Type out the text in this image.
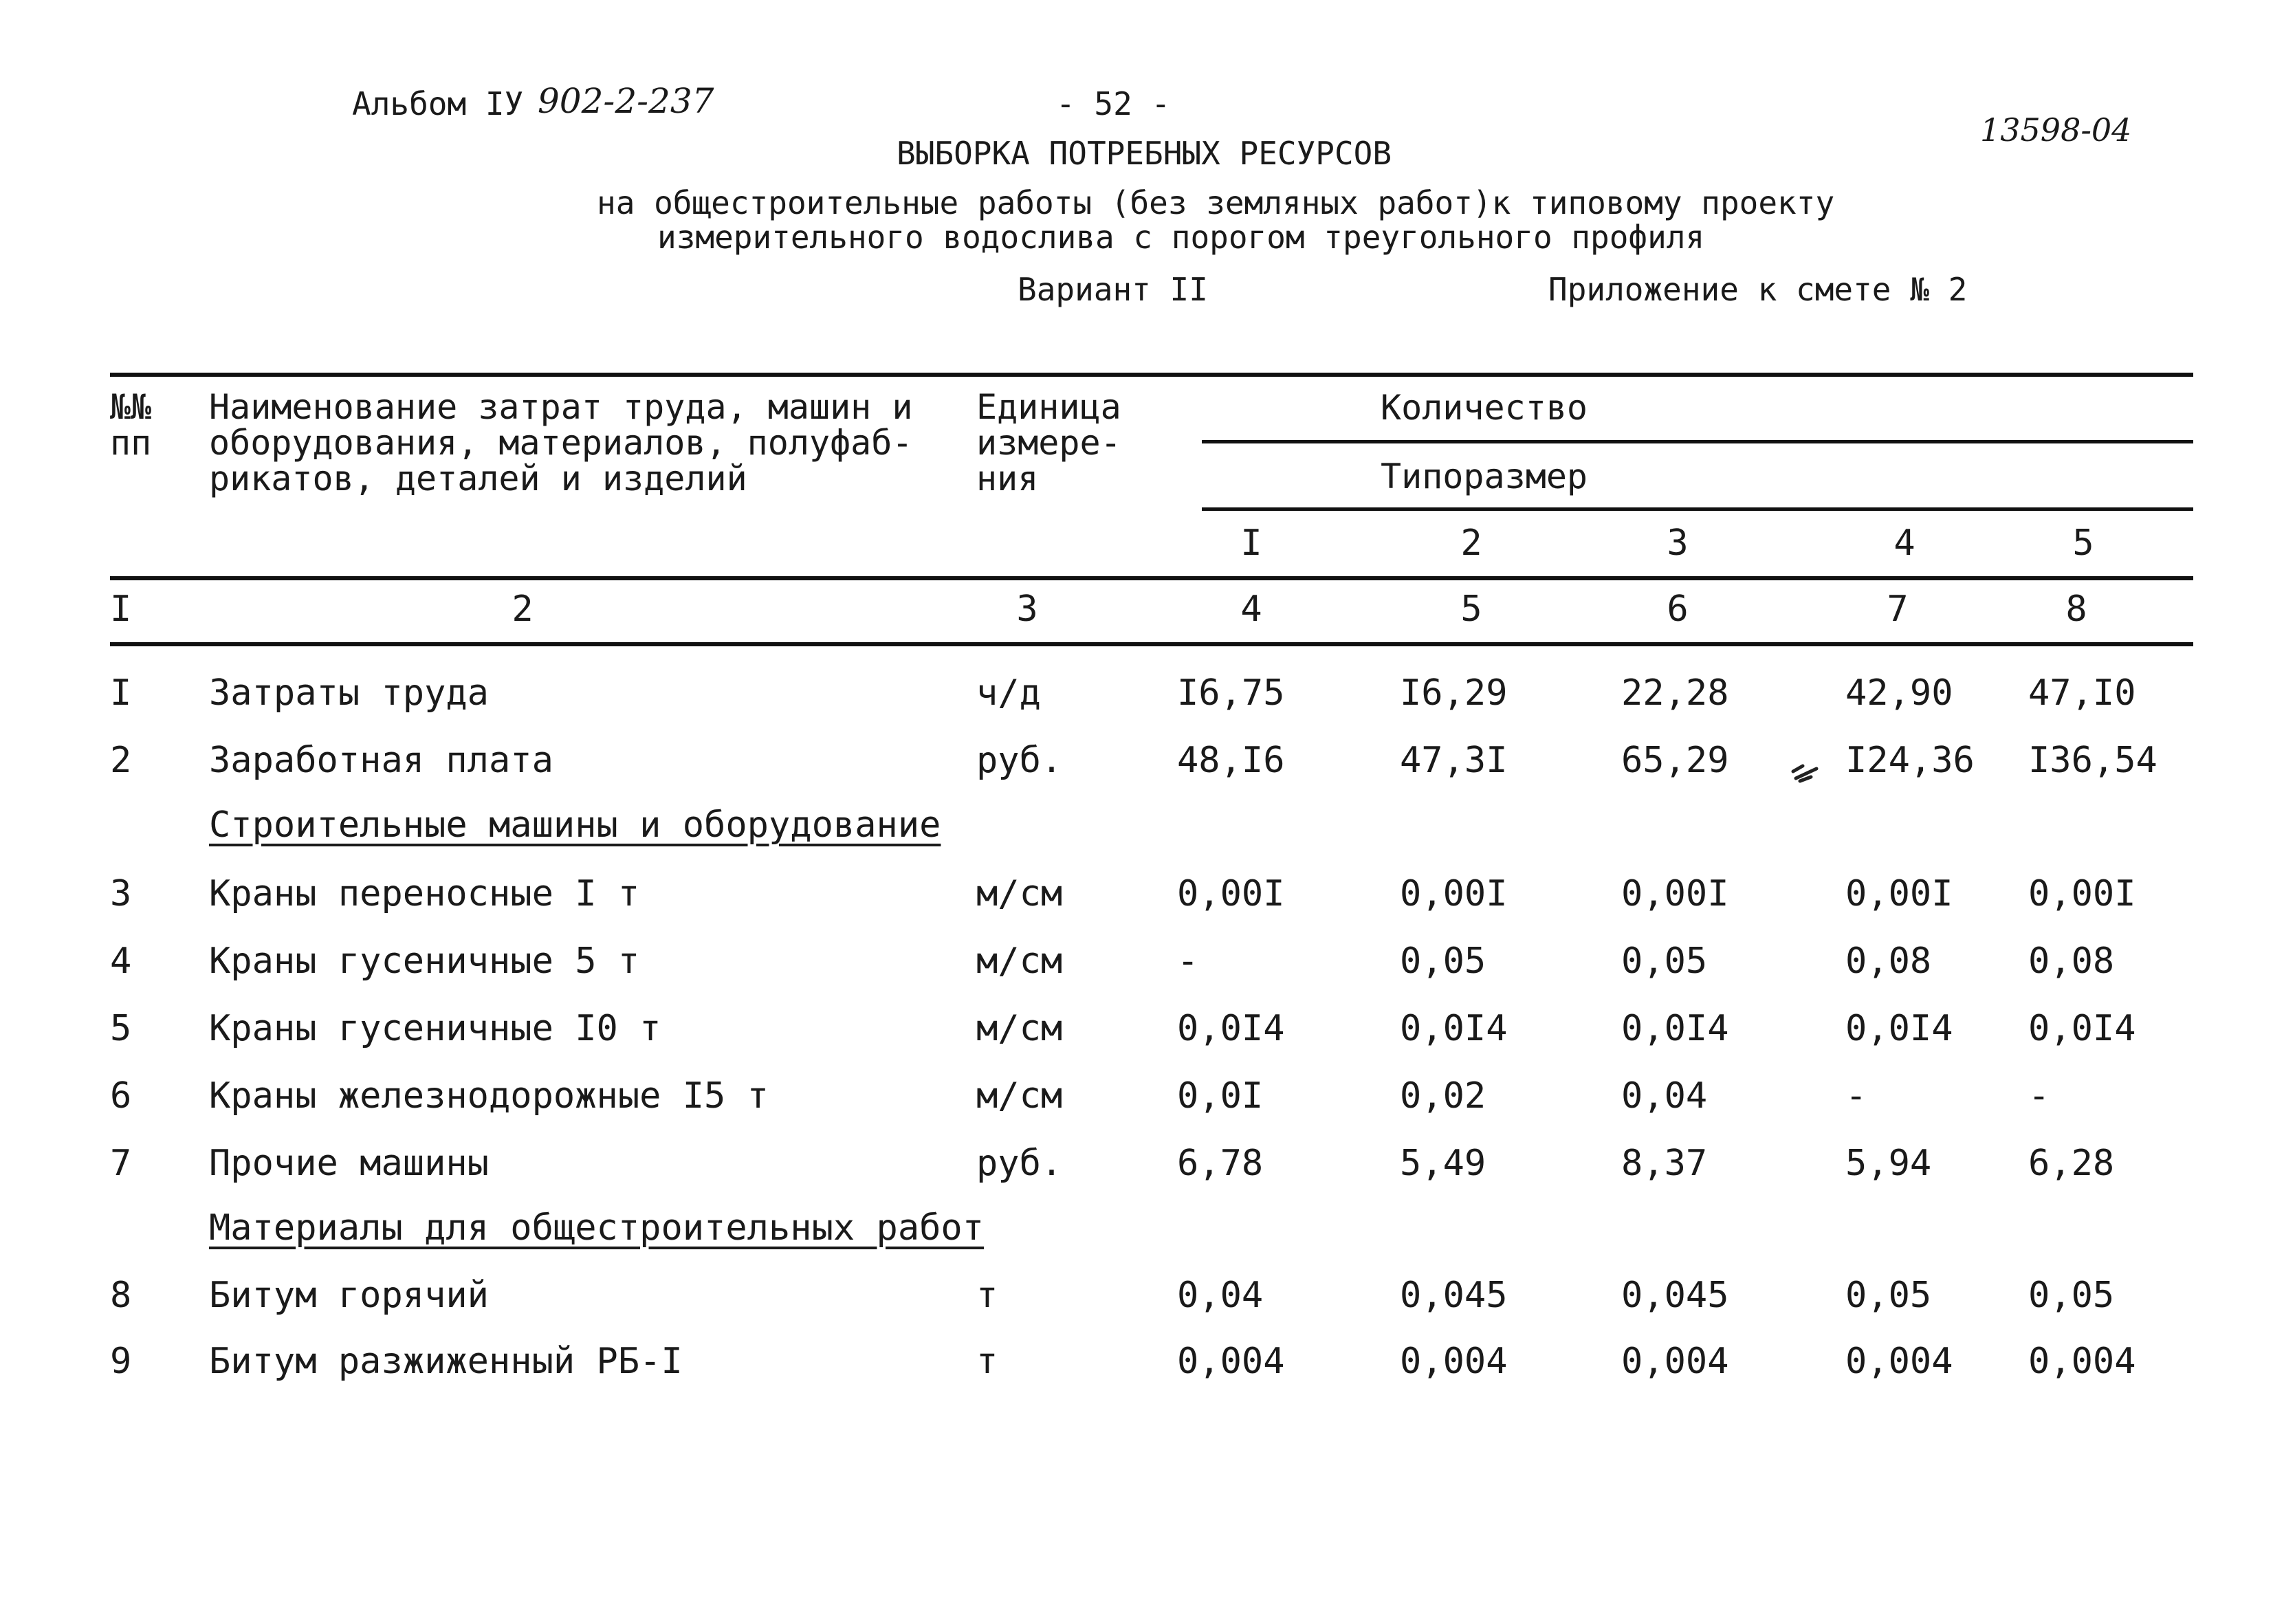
Альбом IУ 902-2-237	- 52 -
13598-04
ВЫБОРКА ПОТРЕБНЫХ РЕСУРСОВ
на общестроительные работы (без земляных работ)к типовому проекту
измерительного водослива с порогом треугольного профиля
Вариант II	Приложение к смете № 2
№№
пп
Наименование затрат труда, машин и
оборудования, материалов, полуфаб-
рикатов, деталей и изделий
Единица
измере-
ния
Количество
Типоразмер
I	2	3	4	5
I	2	3	4	5	6	7	8
I Затраты труда	ч/д	I6,75	I6,29	22,28	42,90 47,I0
2 Заработная плата	руб.	48,I6	47,3I	65,29	I24,36 I36,54
Строительные машины и оборудование
3 Краны переносные I т	м/см	0,00I	0,00I	0,00I	0,00I 0,00I
4 Краны гусеничные 5 т	м/см	-	0,05	0,05	0,08	0,08
5 Краны гусеничные I0 т	м/см	0,0I4	0,0I4	0,0I4	0,0I4 0,0I4
6 Краны железнодорожные I5 т	м/см	0,0I	0,02	0,04	-	-
7 Прочие машины	руб.	6,78	5,49	8,37	5,94	6,28
Материалы для общестроительных работ
8 Битум горячий	т	0,04	0,045	0,045	0,05	0,05
9 Битум разжиженный РБ-I	т	0,004	0,004	0,004	0,004 0,004
